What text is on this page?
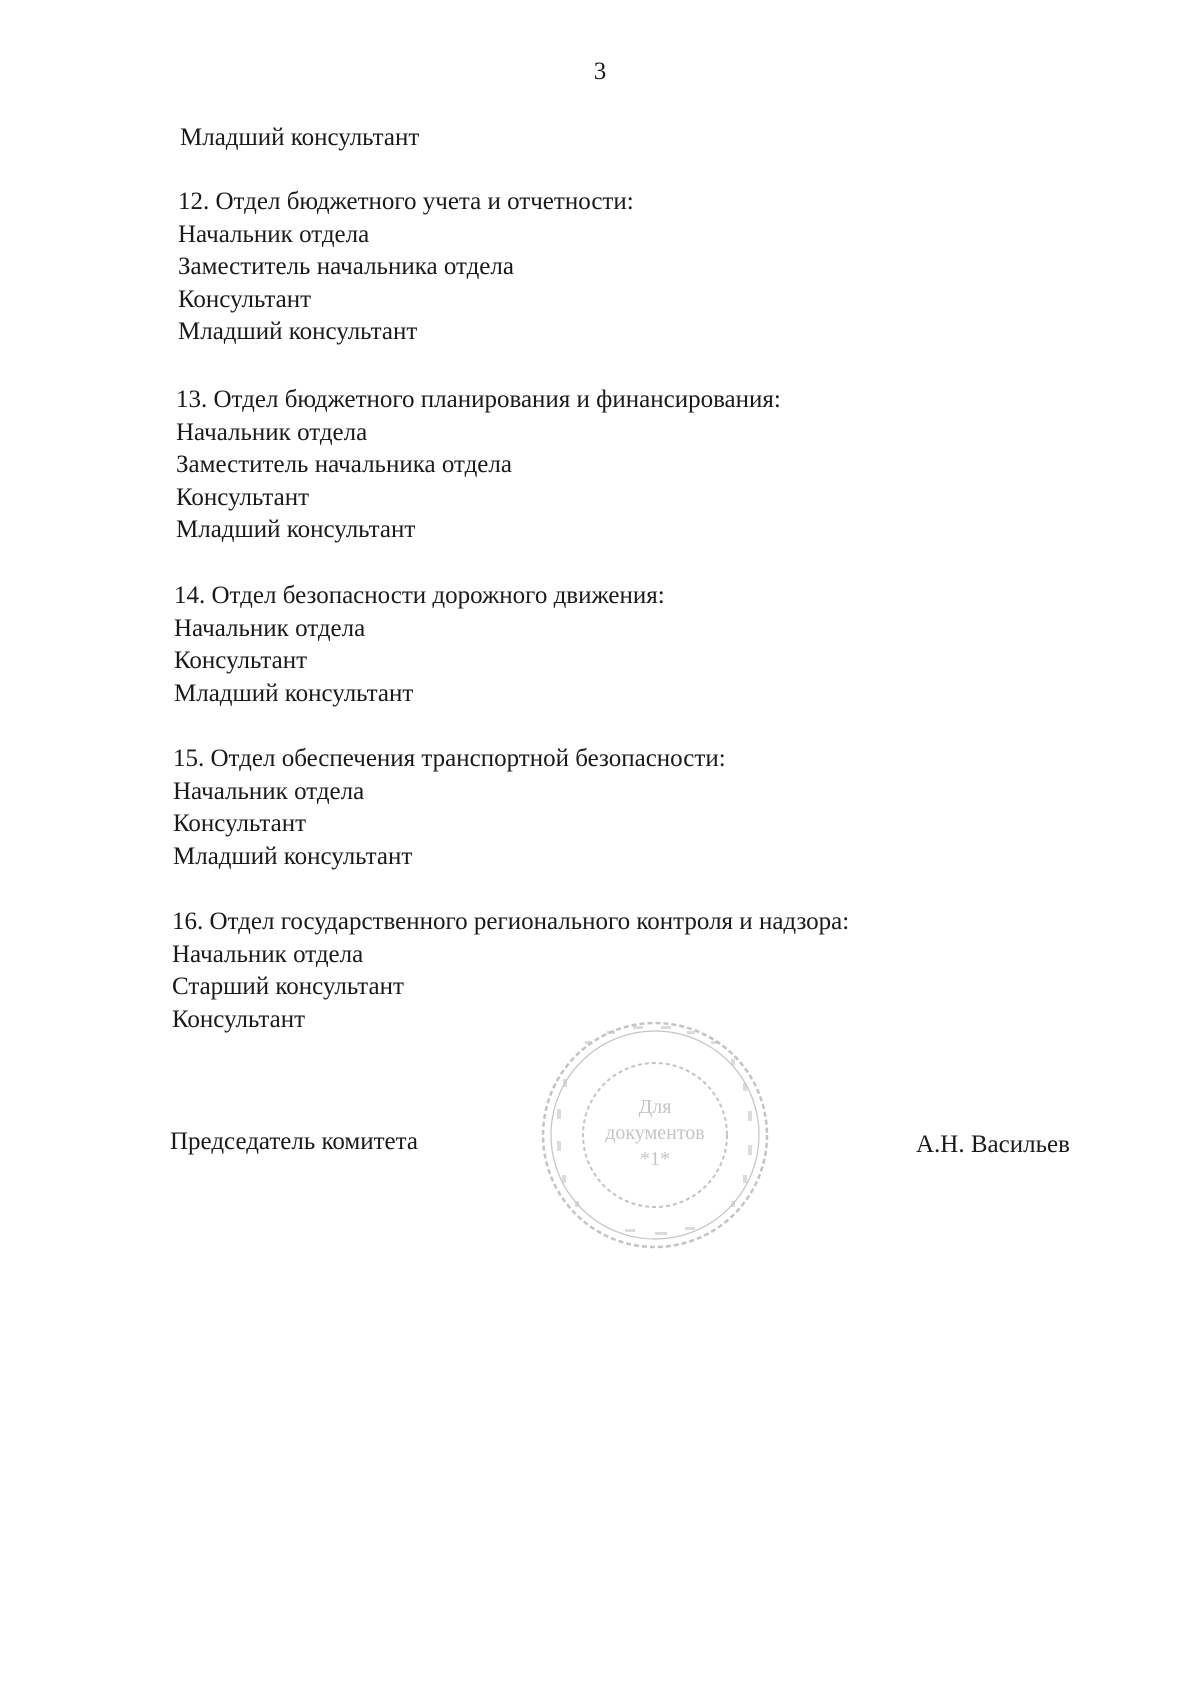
3
Младший консультант
12. Отдел бюджетного учета и отчетности:
Начальник отдела
Заместитель начальника отдела
Консультант
Младший консультант
13. Отдел бюджетного планирования и финансирования:
Начальник отдела
Заместитель начальника отдела
Консультант
Младший консультант
14. Отдел безопасности дорожного движения:
Начальник отдела
Консультант
Младший консультант
15. Отдел обеспечения транспортной безопасности:
Начальник отдела
Консультант
Младший консультант
16. Отдел государственного регионального контроля и надзора:
Начальник отдела
Старший консультант
Консультант
Председатель комитета
Для
документов
*1*
А.Н. Васильев
